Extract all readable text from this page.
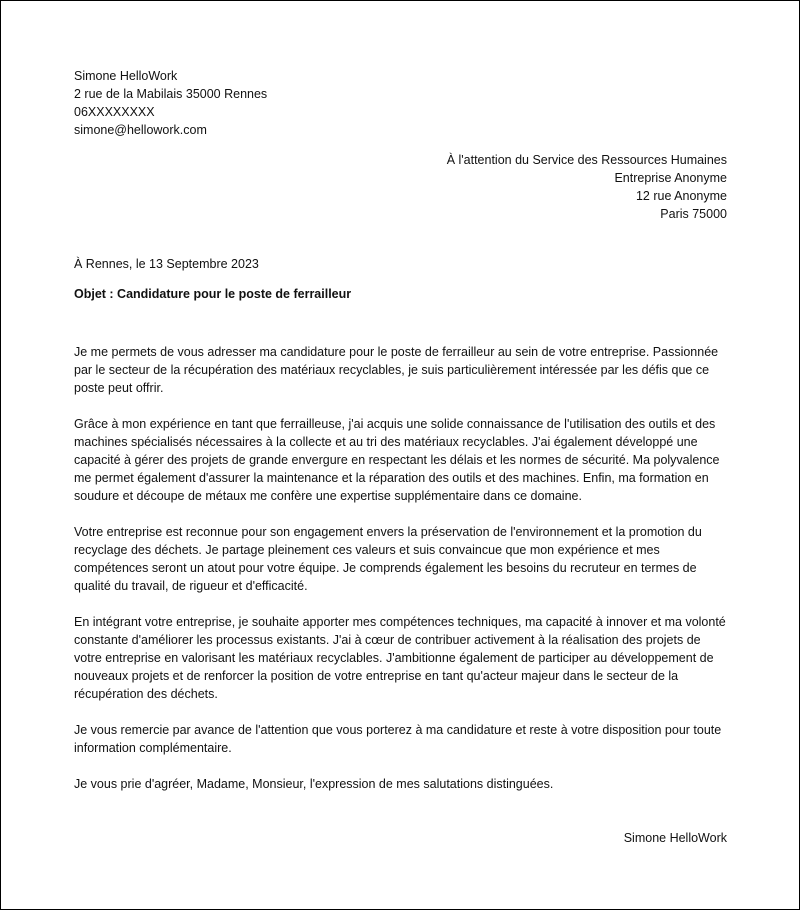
Simone HelloWork
2 rue de la Mabilais 35000 Rennes
06XXXXXXXX
simone@hellowork.com
À l'attention du Service des Ressources Humaines
Entreprise Anonyme
12 rue Anonyme
Paris 75000
À Rennes, le 13 Septembre 2023
Objet : Candidature pour le poste de ferrailleur

Je me permets de vous adresser ma candidature pour le poste de ferrailleur au sein de votre entreprise. Passionnée par le secteur de la récupération des matériaux recyclables, je suis particulièrement intéressée par les défis que ce poste peut offrir.

Grâce à mon expérience en tant que ferrailleuse, j'ai acquis une solide connaissance de l'utilisation des outils et des machines spécialisés nécessaires à la collecte et au tri des matériaux recyclables. J'ai également développé une capacité à gérer des projets de grande envergure en respectant les délais et les normes de sécurité. Ma polyvalence me permet également d'assurer la maintenance et la réparation des outils et des machines. Enfin, ma formation en soudure et découpe de métaux me confère une expertise supplémentaire dans ce domaine.

Votre entreprise est reconnue pour son engagement envers la préservation de l'environnement et la promotion du recyclage des déchets. Je partage pleinement ces valeurs et suis convaincue que mon expérience et mes compétences seront un atout pour votre équipe. Je comprends également les besoins du recruteur en termes de qualité du travail, de rigueur et d'efficacité.

En intégrant votre entreprise, je souhaite apporter mes compétences techniques, ma capacité à innover et ma volonté constante d'améliorer les processus existants. J'ai à cœur de contribuer activement à la réalisation des projets de votre entreprise en valorisant les matériaux recyclables. J'ambitionne également de participer au développement de nouveaux projets et de renforcer la position de votre entreprise en tant qu'acteur majeur dans le secteur de la récupération des déchets.

Je vous remercie par avance de l'attention que vous porterez à ma candidature et reste à votre disposition pour toute information complémentaire.

Je vous prie d'agréer, Madame, Monsieur, l'expression de mes salutations distinguées.

Simone HelloWork
